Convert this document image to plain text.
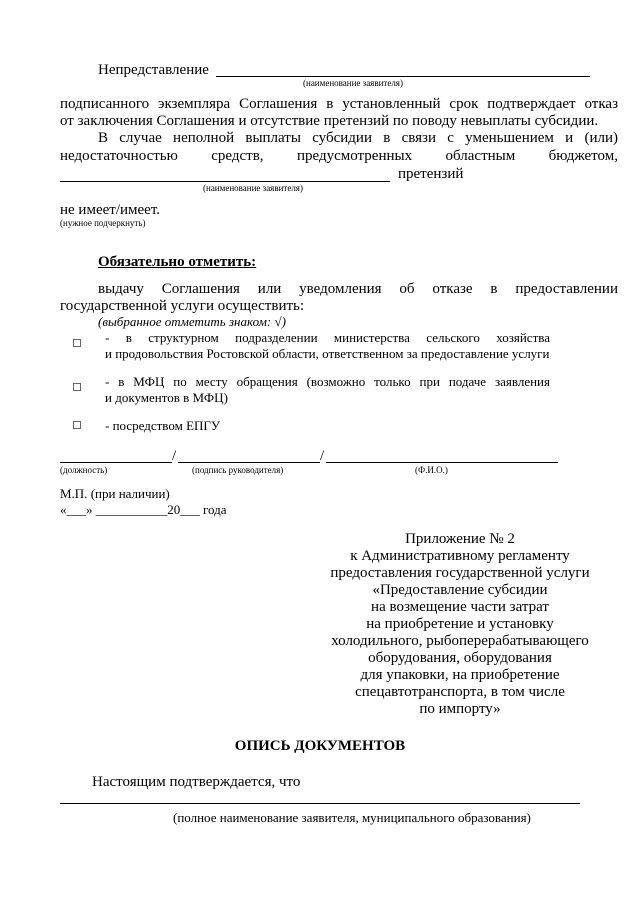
Непредставление
(наименование заявителя)
подписанного экземпляра Соглашения в установленный срок подтверждает отказ
от заключения Соглашения и отсутствие претензий по поводу невыплаты субсидии.
В случае неполной выплаты субсидии в связи с уменьшением и (или)
недостаточностью средств, предусмотренных областным бюджетом,
претензий
(наименование заявителя)
не имеет/имеет.
(нужное подчеркнуть)
Обязательно отметить:
выдачу Соглашения или уведомления об отказе в предоставлении
государственной услуги осуществить:
(выбранное отметить знаком: √)
- в структурном подразделении министерства сельского хозяйства
и продовольствия Ростовской области, ответственном за предоставление услуги
- в МФЦ по месту обращения (возможно только при подаче заявления
и документов в МФЦ)
- посредством ЕПГУ
/	/
(должность)	(подпись руководителя)	(Ф.И.О.)
М.П. (при наличии)
«___» ___________20___ года
Приложение № 2
к Административному регламенту
предоставления государственной услуги
«Предоставление субсидии
на возмещение части затрат
на приобретение и установку
холодильного, рыбоперерабатывающего
оборудования, оборудования
для упаковки, на приобретение
спецавтотранспорта, в том числе
по импорту»
ОПИСЬ ДОКУМЕНТОВ
Настоящим подтверждается, что
(полное наименование заявителя, муниципального образования)
